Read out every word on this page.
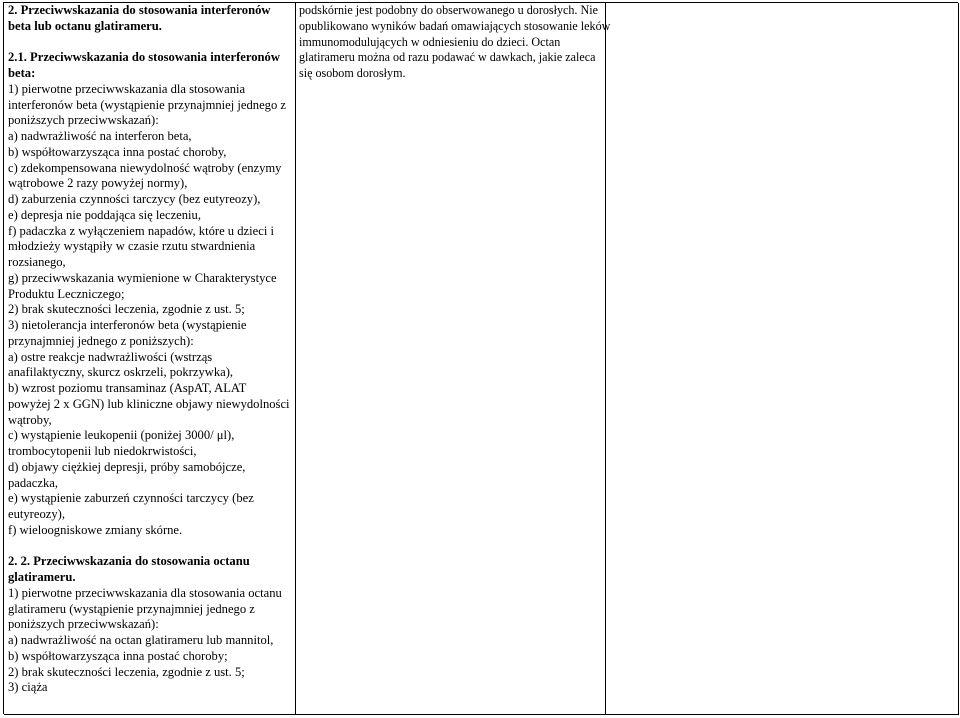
2. Przeciwwskazania do stosowania interferonów
beta lub octanu glatirameru.
2.1. Przeciwwskazania do stosowania interferonów
beta:
1) pierwotne przeciwwskazania dla stosowania
interferonów beta (wystąpienie przynajmniej jednego z
poniższych przeciwwskazań):
a) nadwrażliwość na interferon beta,
b) współtowarzysząca inna postać choroby,
c) zdekompensowana niewydolność wątroby (enzymy
wątrobowe 2 razy powyżej normy),
d) zaburzenia czynności tarczycy (bez eutyreozy),
e) depresja nie poddająca się leczeniu,
f) padaczka z wyłączeniem napadów, które u dzieci i
młodzieży wystąpiły w czasie rzutu stwardnienia
rozsianego,
g) przeciwwskazania wymienione w Charakterystyce
Produktu Leczniczego;
2) brak skuteczności leczenia, zgodnie z ust. 5;
3) nietolerancja interferonów beta (wystąpienie
przynajmniej jednego z poniższych):
a) ostre reakcje nadwrażliwości (wstrząs
anafilaktyczny, skurcz oskrzeli, pokrzywka),
b) wzrost poziomu transaminaz (AspAT, ALAT
powyżej 2 x GGN) lub kliniczne objawy niewydolności
wątroby,
c) wystąpienie leukopenii (poniżej 3000/ μl),
trombocytopenii lub niedokrwistości,
d) objawy ciężkiej depresji, próby samobójcze,
padaczka,
e) wystąpienie zaburzeń czynności tarczycy (bez
eutyreozy),
f) wieloogniskowe zmiany skórne.
2. 2. Przeciwwskazania do stosowania octanu
glatirameru.
1) pierwotne przeciwwskazania dla stosowania octanu
glatirameru (wystąpienie przynajmniej jednego z
poniższych przeciwwskazań):
a) nadwrażliwość na octan glatirameru lub mannitol,
b) współtowarzysząca inna postać choroby;
2) brak skuteczności leczenia, zgodnie z ust. 5;
3) ciąża
podskórnie jest podobny do obserwowanego u dorosłych. Nie
opublikowano wyników badań omawiających stosowanie leków
immunomodulujących w odniesieniu do dzieci. Octan
glatirameru można od razu podawać w dawkach, jakie zaleca
się osobom dorosłym.
